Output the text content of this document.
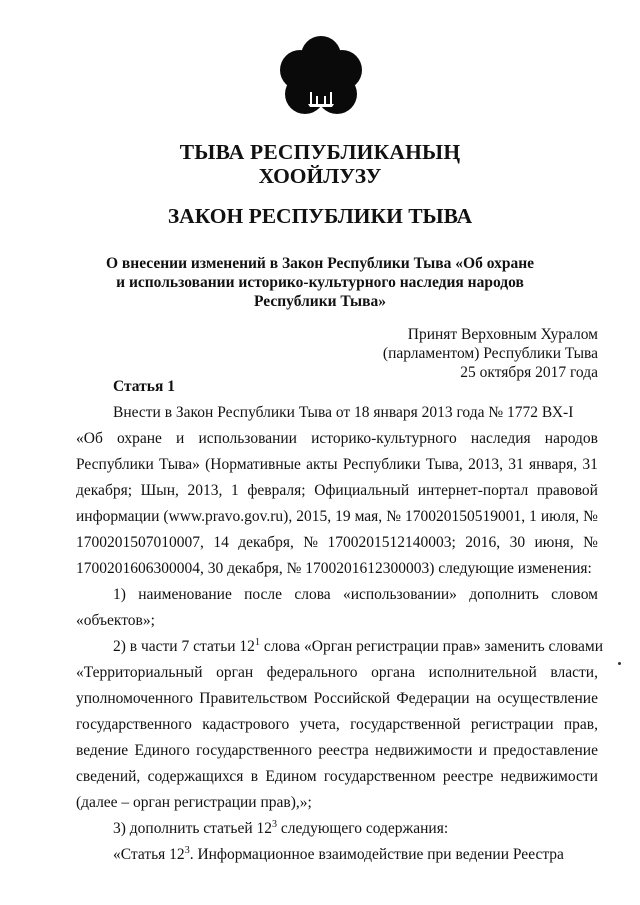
ТЫВА РЕСПУБЛИКАНЫҢ
ХООЙЛУЗУ
ЗАКОН РЕСПУБЛИКИ ТЫВА
О внесении изменений в Закон Республики Тыва «Об охране
и использовании историко-культурного наследия народов
Республики Тыва»
Принят Верховным Хуралом
(парламентом) Республики Тыва
25 октября 2017 года
Статья 1
Внести в Закон Республики Тыва от 18 января 2013 года № 1772 ВХ-I
«Об охране и использовании историко-культурного наследия народов
Республики Тыва» (Нормативные акты Республики Тыва, 2013, 31 января, 31
декабря; Шын, 2013, 1 февраля; Официальный интернет-портал правовой
информации (www.pravo.gov.ru), 2015, 19 мая, № 170020150519001, 1 июля, №
1700201507010007, 14 декабря, № 1700201512140003; 2016, 30 июня, №
1700201606300004, 30 декабря, № 1700201612300003) следующие изменения:
1) наименование после слова «использовании» дополнить словом
«объектов»;
2) в части 7 статьи $12^1$ слова «Орган регистрации прав» заменить словами
«Территориальный орган федерального органа исполнительной власти,
уполномоченного Правительством Российской Федерации на осуществление
государственного кадастрового учета, государственной регистрации прав,
ведение Единого государственного реестра недвижимости и предоставление
сведений, содержащихся в Едином государственном реестре недвижимости
(далее – орган регистрации прав),»;
3) дополнить статьей $12^3$ следующего содержания:
«Статья $12^3$. Информационное взаимодействие при ведении Реестра
